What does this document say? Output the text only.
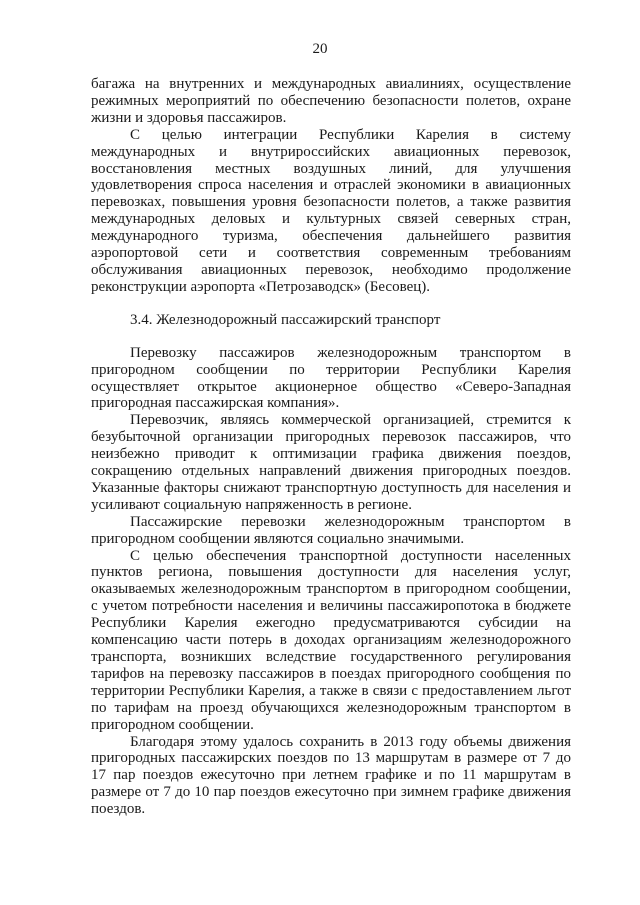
20
багажа на внутренних и международных авиалиниях, осуществление
режимных мероприятий по обеспечению безопасности полетов, охране
жизни и здоровья пассажиров.
С целью интеграции Республики Карелия в систему
международных и внутрироссийских авиационных перевозок,
восстановления местных воздушных линий, для улучшения
удовлетворения спроса населения и отраслей экономики в авиационных
перевозках, повышения уровня безопасности полетов, а также развития
международных деловых и культурных связей северных стран,
международного туризма, обеспечения дальнейшего развития
аэропортовой сети и соответствия современным требованиям
обслуживания авиационных перевозок, необходимо продолжение
реконструкции аэропорта «Петрозаводск» (Бесовец).
3.4. Железнодорожный пассажирский транспорт
Перевозку пассажиров железнодорожным транспортом в
пригородном сообщении по территории Республики Карелия
осуществляет открытое акционерное общество «Северо-Западная
пригородная пассажирская компания».
Перевозчик, являясь коммерческой организацией, стремится к
безубыточной организации пригородных перевозок пассажиров, что
неизбежно приводит к оптимизации графика движения поездов,
сокращению отдельных направлений движения пригородных поездов.
Указанные факторы снижают транспортную доступность для населения и
усиливают социальную напряженность в регионе.
Пассажирские перевозки железнодорожным транспортом в
пригородном сообщении являются социально значимыми.
С целью обеспечения транспортной доступности населенных
пунктов региона, повышения доступности для населения услуг,
оказываемых железнодорожным транспортом в пригородном сообщении,
с учетом потребности населения и величины пассажиропотока в бюджете
Республики Карелия ежегодно предусматриваются субсидии на
компенсацию части потерь в доходах организациям железнодорожного
транспорта, возникших вследствие государственного регулирования
тарифов на перевозку пассажиров в поездах пригородного сообщения по
территории Республики Карелия, а также в связи с предоставлением льгот
по тарифам на проезд обучающихся железнодорожным транспортом в
пригородном сообщении.
Благодаря этому удалось сохранить в 2013 году объемы движения
пригородных пассажирских поездов по 13 маршрутам в размере от 7 до
17 пар поездов ежесуточно при летнем графике и по 11 маршрутам в
размере от 7 до 10 пар поездов ежесуточно при зимнем графике движения
поездов.
